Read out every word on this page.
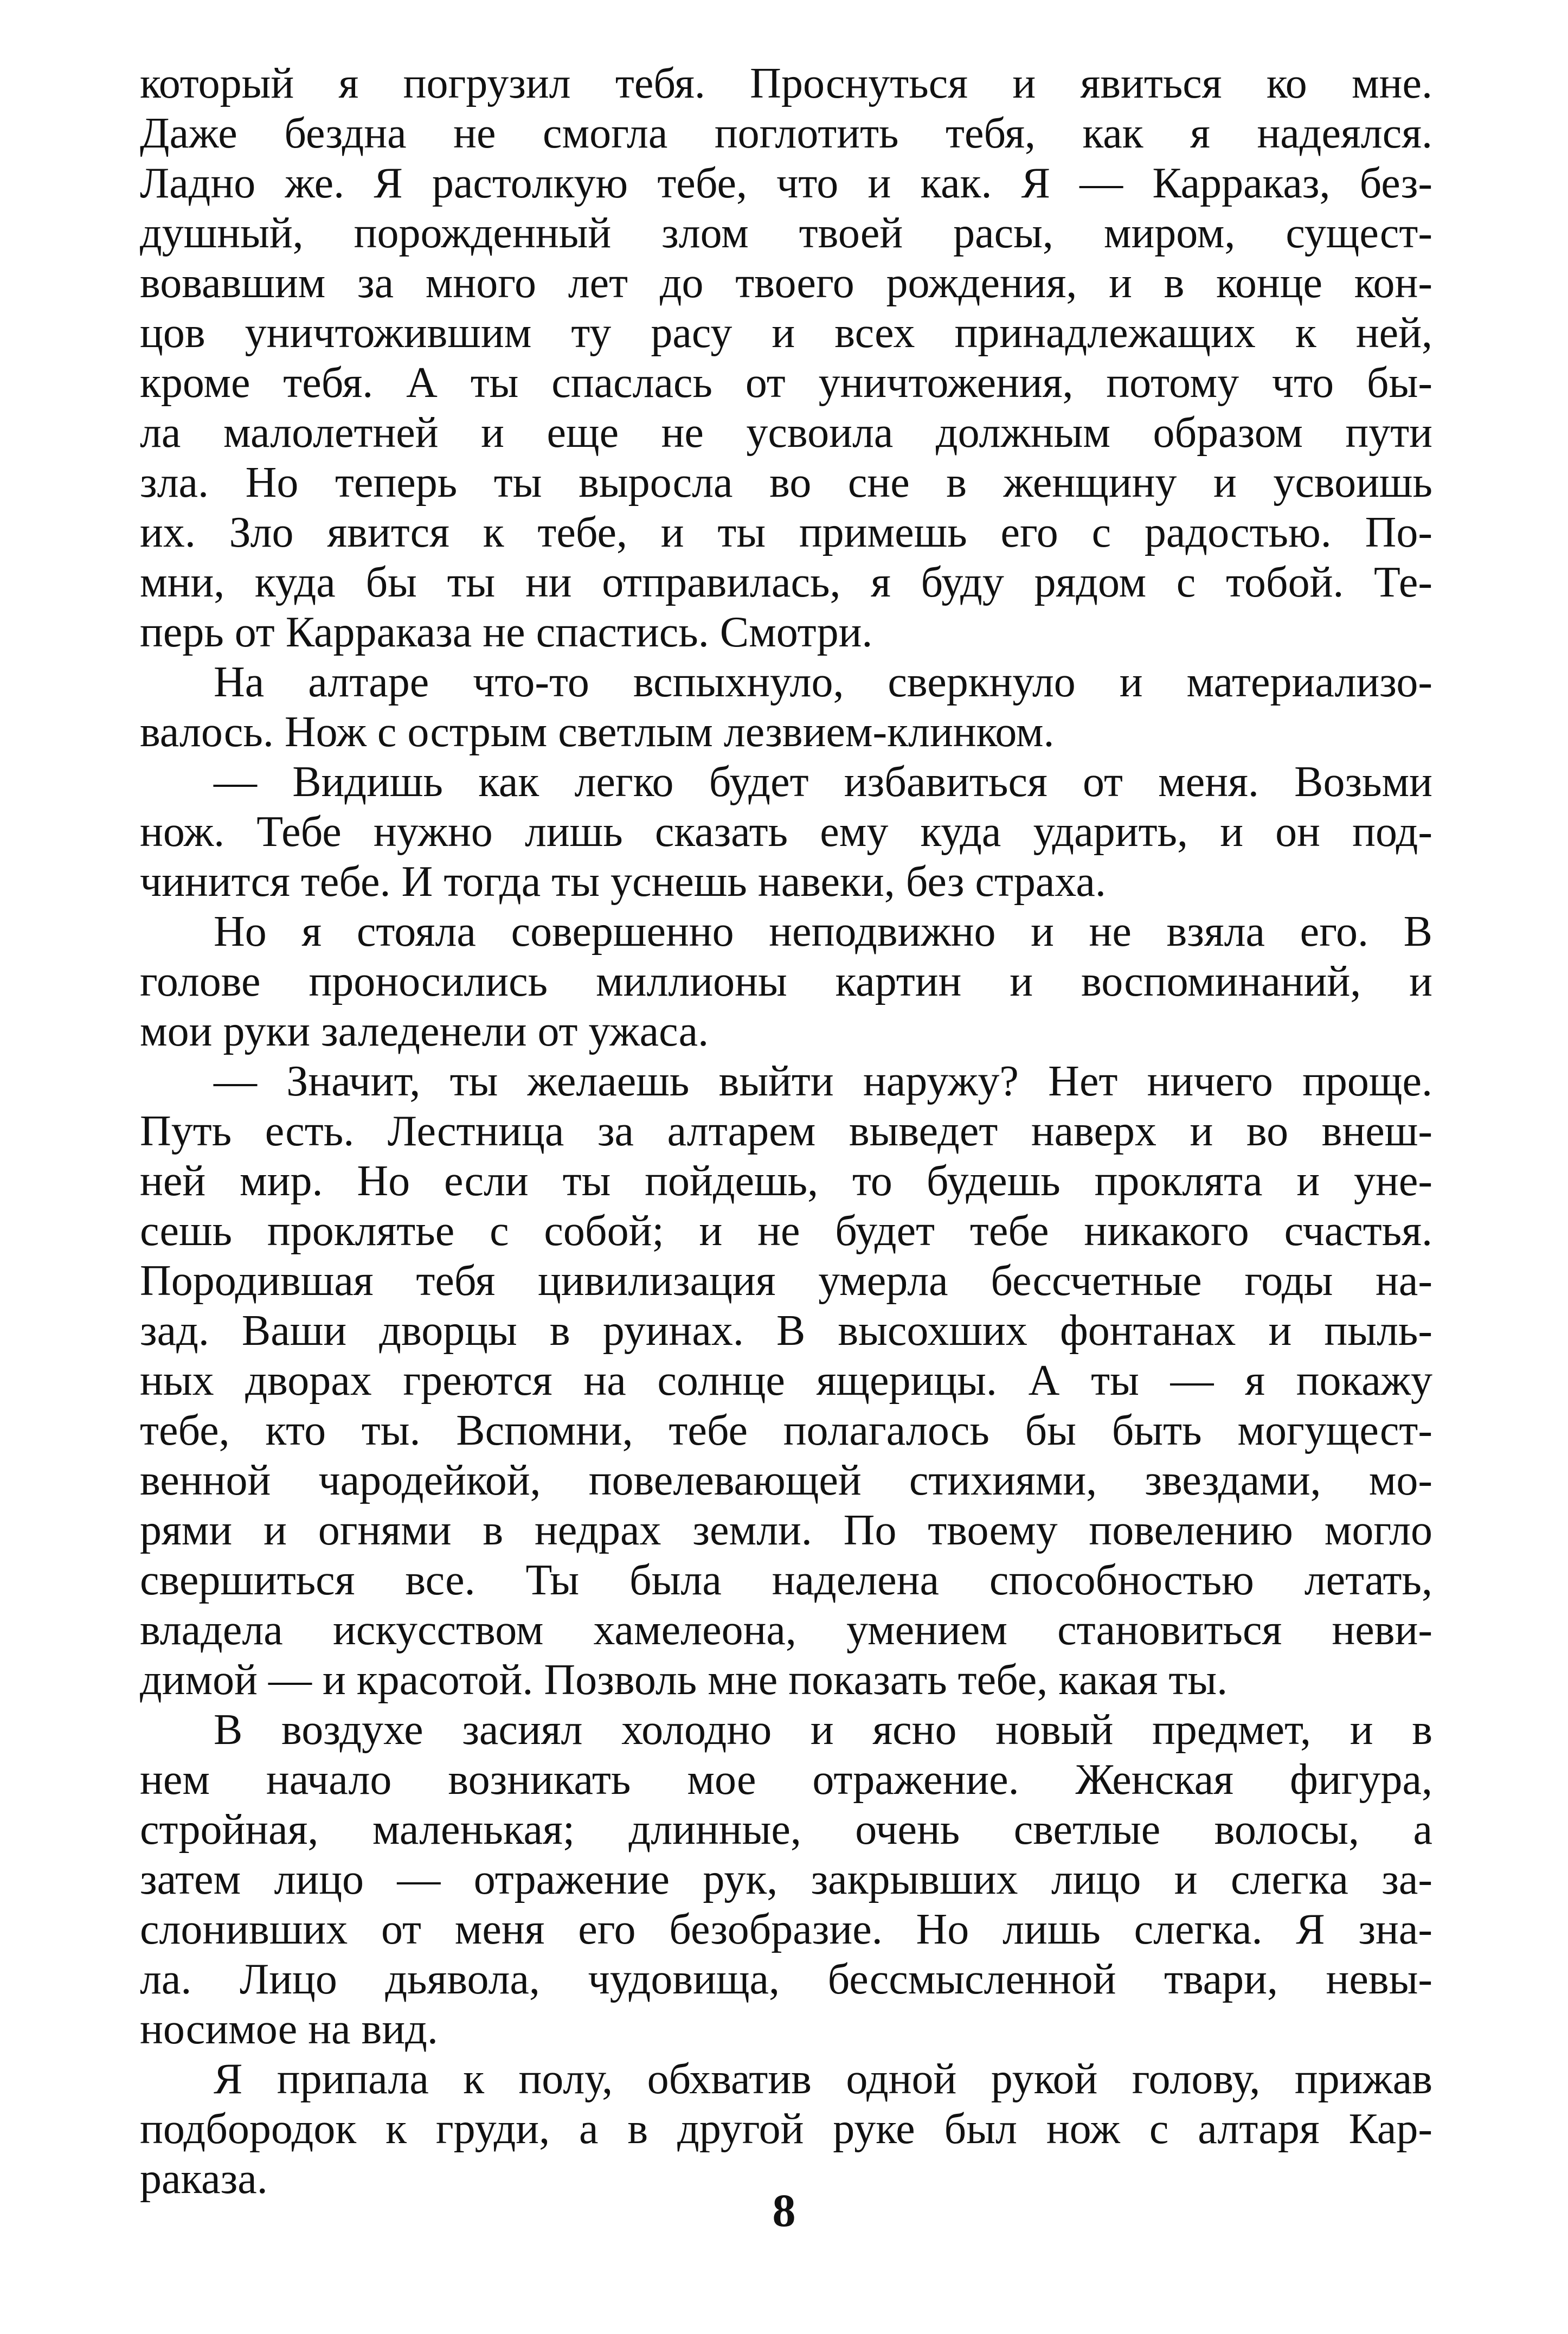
который я погрузил тебя. Проснуться и явиться ко мне.
Даже бездна не смогла поглотить тебя, как я надеялся.
Ладно же. Я растолкую тебе, что и как. Я — Карраказ, без-
душный, порожденный злом твоей расы, миром, сущест-
вовавшим за много лет до твоего рождения, и в конце кон-
цов уничтожившим ту расу и всех принадлежащих к ней,
кроме тебя. А ты спаслась от уничтожения, потому что бы-
ла малолетней и еще не усвоила должным образом пути
зла. Но теперь ты выросла во сне в женщину и усвоишь
их. Зло явится к тебе, и ты примешь его с радостью. По-
мни, куда бы ты ни отправилась, я буду рядом с тобой. Те-
перь от Карраказа не спастись. Смотри.
На алтаре что-то вспыхнуло, сверкнуло и материализо-
валось. Нож с острым светлым лезвием-клинком.
— Видишь как легко будет избавиться от меня. Возьми
нож. Тебе нужно лишь сказать ему куда ударить, и он под-
чинится тебе. И тогда ты уснешь навеки, без страха.
Но я стояла совершенно неподвижно и не взяла его. В
голове проносились миллионы картин и воспоминаний, и
мои руки заледенели от ужаса.
— Значит, ты желаешь выйти наружу? Нет ничего проще.
Путь есть. Лестница за алтарем выведет наверх и во внеш-
ней мир. Но если ты пойдешь, то будешь проклята и уне-
сешь проклятье с собой; и не будет тебе никакого счастья.
Породившая тебя цивилизация умерла бессчетные годы на-
зад. Ваши дворцы в руинах. В высохших фонтанах и пыль-
ных дворах греются на солнце ящерицы. А ты — я покажу
тебе, кто ты. Вспомни, тебе полагалось бы быть могущест-
венной чародейкой, повелевающей стихиями, звездами, мо-
рями и огнями в недрах земли. По твоему повелению могло
свершиться все. Ты была наделена способностью летать,
владела искусством хамелеона, умением становиться неви-
димой — и красотой. Позволь мне показать тебе, какая ты.
В воздухе засиял холодно и ясно новый предмет, и в
нем начало возникать мое отражение. Женская фигура,
стройная, маленькая; длинные, очень светлые волосы, а
затем лицо — отражение рук, закрывших лицо и слегка за-
слонивших от меня его безобразие. Но лишь слегка. Я зна-
ла. Лицо дьявола, чудовища, бессмысленной твари, невы-
носимое на вид.
Я припала к полу, обхватив одной рукой голову, прижав
подбородок к груди, а в другой руке был нож с алтаря Кар-
раказа.
8
